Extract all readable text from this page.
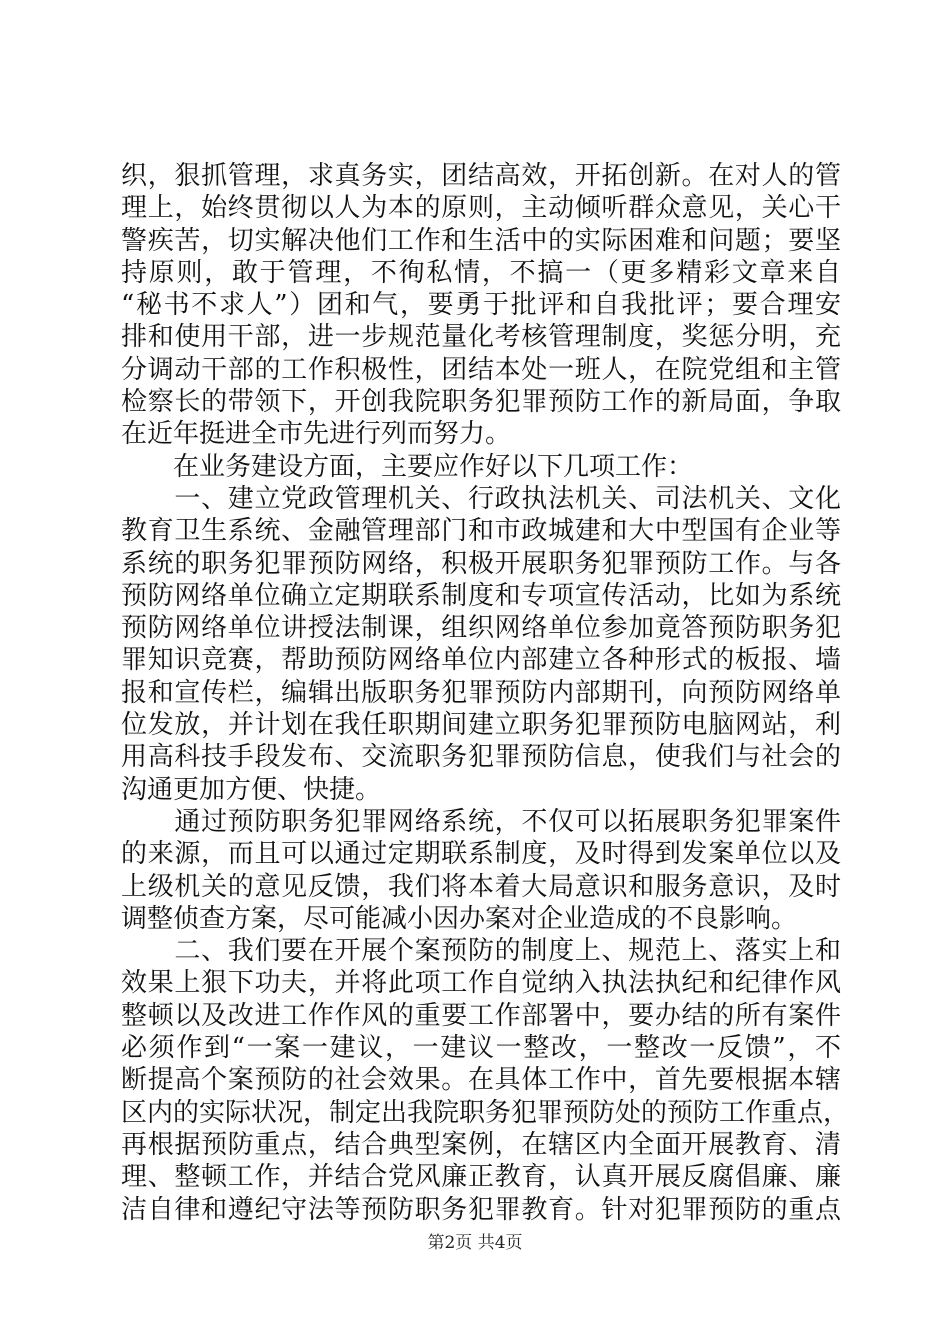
织，狠抓管理，求真务实，团结高效，开拓创新。在对人的管
理上，始终贯彻以人为本的原则，主动倾听群众意见，关心干
警疾苦，切实解决他们工作和生活中的实际困难和问题；要坚
持原则，敢于管理，不徇私情，不搞一（更多精彩文章来自
“秘书不求人”）团和气，要勇于批评和自我批评；要合理安
排和使用干部，进一步规范量化考核管理制度，奖惩分明，充
分调动干部的工作积极性，团结本处一班人，在院党组和主管
检察长的带领下，开创我院职务犯罪预防工作的新局面，争取
在近年挺进全市先进行列而努力。
　　在业务建设方面，主要应作好以下几项工作：
　　一、建立党政管理机关、行政执法机关、司法机关、文化
教育卫生系统、金融管理部门和市政城建和大中型国有企业等
系统的职务犯罪预防网络，积极开展职务犯罪预防工作。与各
预防网络单位确立定期联系制度和专项宣传活动，比如为系统
预防网络单位讲授法制课，组织网络单位参加竟答预防职务犯
罪知识竞赛，帮助预防网络单位内部建立各种形式的板报、墙
报和宣传栏，编辑出版职务犯罪预防内部期刊，向预防网络单
位发放，并计划在我任职期间建立职务犯罪预防电脑网站，利
用高科技手段发布、交流职务犯罪预防信息，使我们与社会的
沟通更加方便、快捷。
　　通过预防职务犯罪网络系统，不仅可以拓展职务犯罪案件
的来源，而且可以通过定期联系制度，及时得到发案单位以及
上级机关的意见反馈，我们将本着大局意识和服务意识，及时
调整侦查方案，尽可能减小因办案对企业造成的不良影响。
　　二、我们要在开展个案预防的制度上、规范上、落实上和
效果上狠下功夫，并将此项工作自觉纳入执法执纪和纪律作风
整顿以及改进工作作风的重要工作部署中，要办结的所有案件
必须作到“一案一建议，一建议一整改，一整改一反馈”，不
断提高个案预防的社会效果。在具体工作中，首先要根据本辖
区内的实际状况，制定出我院职务犯罪预防处的预防工作重点，
再根据预防重点，结合典型案例，在辖区内全面开展教育、清
理、整顿工作，并结合党风廉正教育，认真开展反腐倡廉、廉
洁自律和遵纪守法等预防职务犯罪教育。针对犯罪预防的重点
第2页 共4页
